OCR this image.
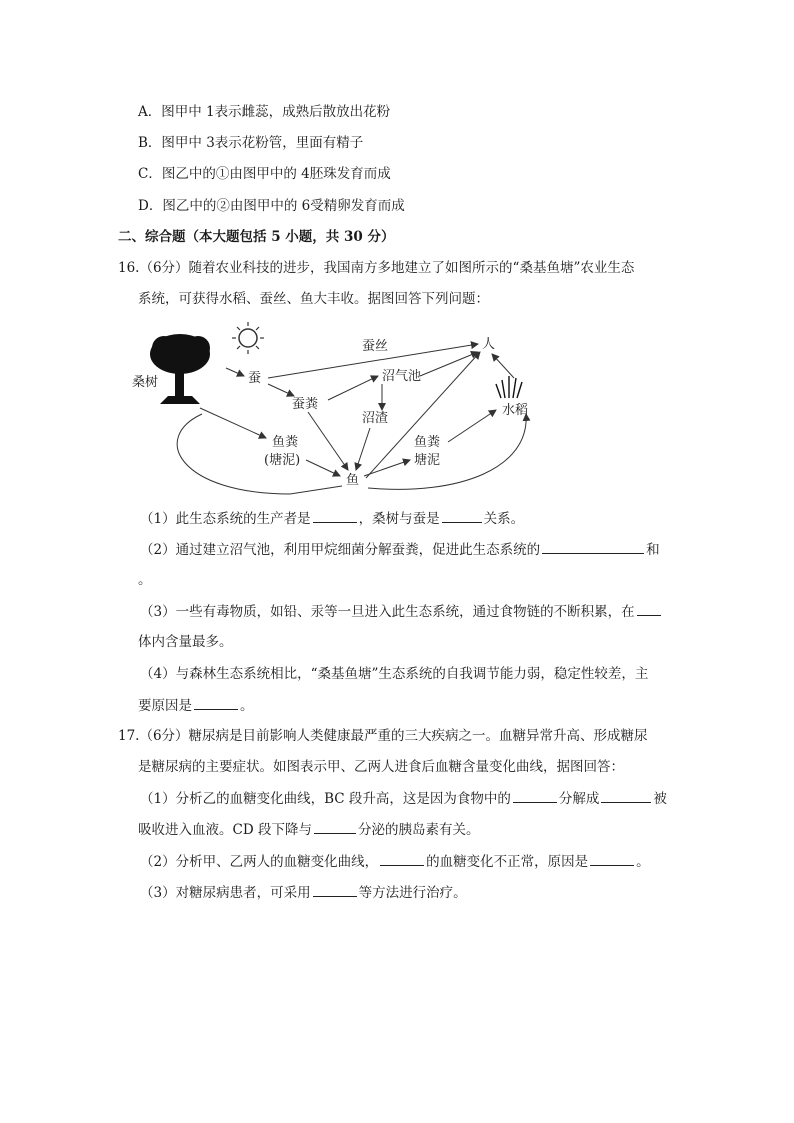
A．图甲中 1表示雌蕊，成熟后散放出花粉
B．图甲中 3表示花粉管，里面有精子
C．图乙中的①由图甲中的 4胚珠发育而成
D．图乙中的②由图甲中的 6受精卵发育而成
二、综合题（本大题包括 5 小题，共 30 分）
16.（6分）随着农业科技的进步，我国南方多地建立了如图所示的“桑基鱼塘”农业生态
系统，可获得水稻、蚕丝、鱼大丰收。据图回答下列问题：
桑树	蚕
蚕丝	人
沼气池
蚕粪
沼渣
水稻
鱼粪
(塘泥)
鱼粪
塘泥
鱼
（1）此生态系统的生产者是	，桑树与蚕是	关系。
（2）通过建立沼气池，利用甲烷细菌分解蚕粪，促进此生态系统的	和
。
（3）一些有毒物质，如铅、汞等一旦进入此生态系统，通过食物链的不断积累，在
体内含量最多。
（4）与森林生态系统相比，“桑基鱼塘”生态系统的自我调节能力弱，稳定性较差，主
要原因是	。
17.（6分）糖尿病是目前影响人类健康最严重的三大疾病之一。血糖异常升高、形成糖尿
是糖尿病的主要症状。如图表示甲、乙两人进食后血糖含量变化曲线，据图回答：
（1）分析乙的血糖变化曲线，BC 段升高，这是因为食物中的	分解成	被
吸收进入血液。CD 段下降与	分泌的胰岛素有关。
（2）分析甲、乙两人的血糖变化曲线，	的血糖变化不正常，原因是	。
（3）对糖尿病患者，可采用	等方法进行治疗。
